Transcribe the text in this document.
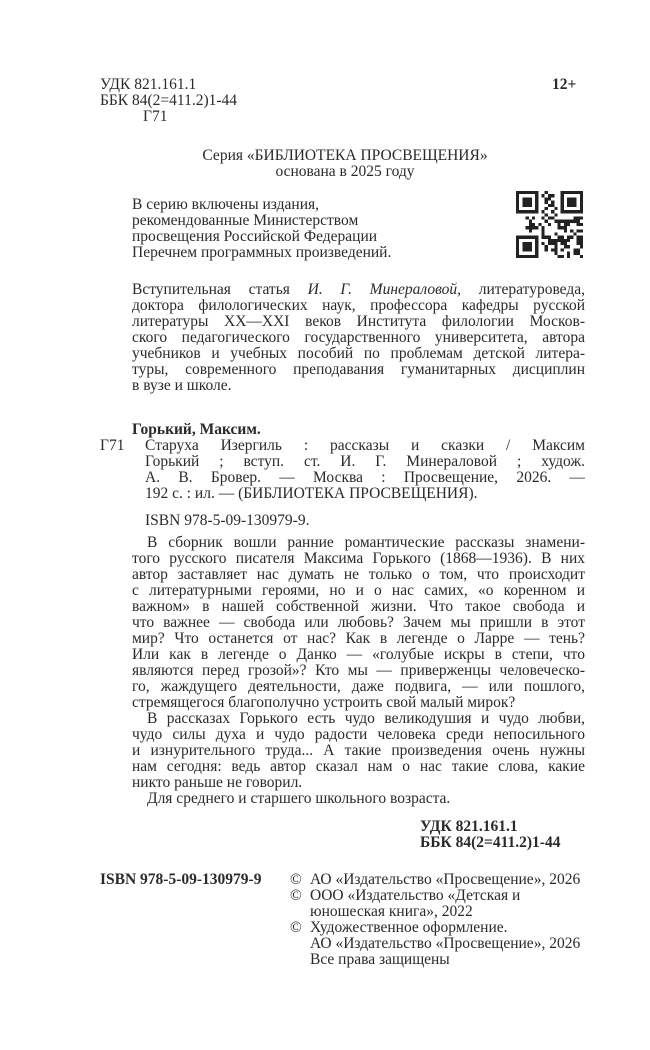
УДК 821.161.1
ББК 84(2=411.2)1-44
Г71
12+
Серия «БИБЛИОТЕКА ПРОСВЕЩЕНИЯ»
основана в 2025 году
В серию включены издания,
рекомендованные Министерством
просвещения Российской Федерации
Перечнем программных произведений.
Вступительная статья И. Г. Минераловой, литературоведа,
доктора филологических наук, профессора кафедры русской
литературы XX—XXI веков Института филологии Москов-
ского педагогического государственного университета, автора
учебников и учебных пособий по проблемам детской литера-
туры, современного преподавания гуманитарных дисциплин
в вузе и школе.
Горький, Максим.
Г71 Старуха Изергиль : рассказы и сказки / Максим
Горький ; вступ. ст. И. Г. Минераловой ; худож.
А. В. Бровер. — Москва : Просвещение, 2026. —
192 с. : ил. — (БИБЛИОТЕКА ПРОСВЕЩЕНИЯ).
ISBN 978-5-09-130979-9.
В сборник вошли ранние романтические рассказы знамени-
того русского писателя Максима Горького (1868—1936). В них
автор заставляет нас думать не только о том, что происходит
с литературными героями, но и о нас самих, «о коренном и
важном» в нашей собственной жизни. Что такое свобода и
что важнее — свобода или любовь? Зачем мы пришли в этот
мир? Что останется от нас? Как в легенде о Ларре — тень?
Или как в легенде о Данко — «голубые искры в степи, что
являются перед грозой»? Кто мы — приверженцы человеческо-
го, жаждущего деятельности, даже подвига, — или пошлого,
стремящегося благополучно устроить свой малый мирок?
В рассказах Горького есть чудо великодушия и чудо любви,
чудо силы духа и чудо радости человека среди непосильного
и изнурительного труда... А такие произведения очень нужны
нам сегодня: ведь автор сказал нам о нас такие слова, какие
никто раньше не говорил.
Для среднего и старшего школьного возраста.
УДК 821.161.1
ББК 84(2=411.2)1-44
ISBN 978-5-09-130979-9 © АО «Издательство «Просвещение», 2026
© ООО «Издательство «Детская и
юношеская книга», 2022
© Художественное оформление.
АО «Издательство «Просвещение», 2026
Все права защищены
